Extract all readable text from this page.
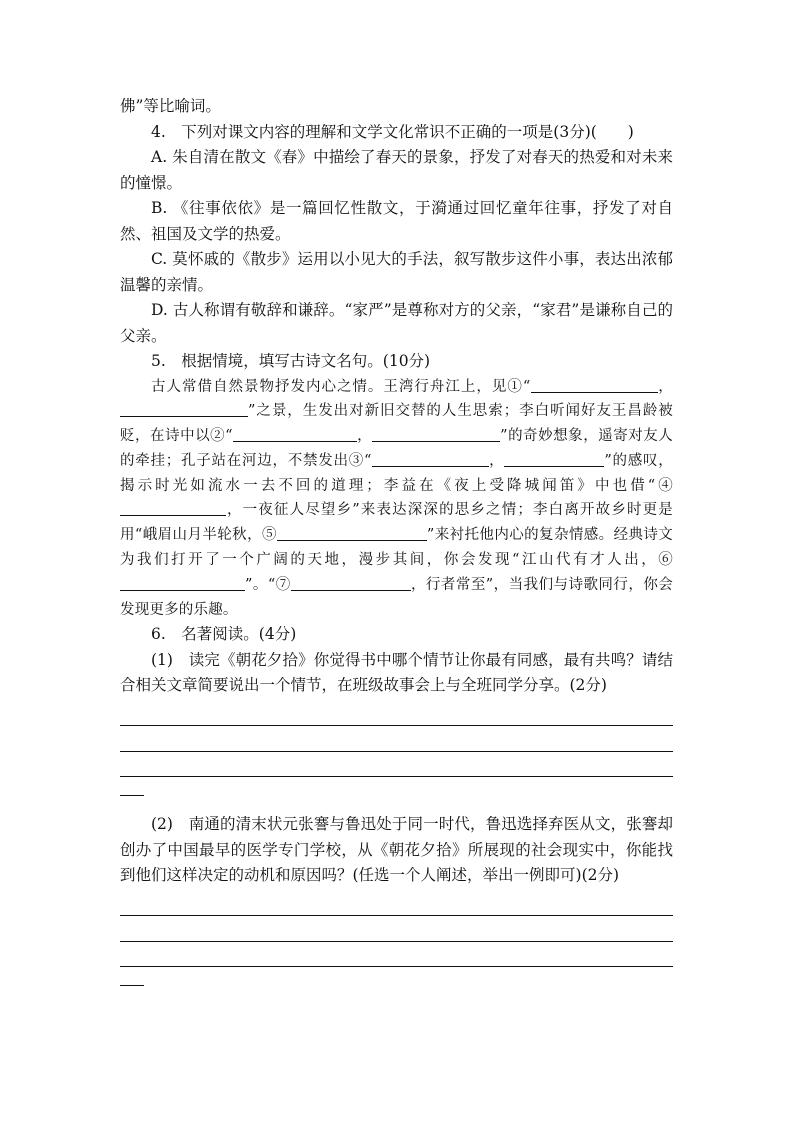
佛”等比喻词。

4.　下列对课文内容的理解和文学文化常识不正确的一项是(3分)(　　)

A. 朱自清在散文《春》中描绘了春天的景象，抒发了对春天的热爱和对未来的憧憬。

B. 《往事依依》是一篇回忆性散文，于漪通过回忆童年往事，抒发了对自然、祖国及文学的热爱。

C. 莫怀戚的《散步》运用以小见大的手法，叙写散步这件小事，表达出浓郁温馨的亲情。

D. 古人称谓有敬辞和谦辞。“家严”是尊称对方的父亲，“家君”是谦称自己的父亲。

5.　根据情境，填写古诗文名句。(10分)

古人常借自然景物抒发内心之情。王湾行舟江上，见①“	，”之景，生发出对新旧交替的人生思索；李白听闻好友王昌龄被贬，在诗中以②“	，	”的奇妙想象，遥寄对友人的牵挂；孔子站在河边，不禁发出③“	，	”的感叹，揭示时光如流水一去不回的道理；李益在《夜上受降城闻笛》中也借“④，一夜征人尽望乡”来表达深深的思乡之情；李白离开故乡时更是用“峨眉山月半轮秋，⑤	”来衬托他内心的复杂情感。经典诗文为我们打开了一个广阔的天地，漫步其间，你会发现“江山代有才人出，⑥”。“⑦	，行者常至”，当我们与诗歌同行，你会发现更多的乐趣。

6.　名著阅读。(4分)

(1)　读完《朝花夕拾》你觉得书中哪个情节让你最有同感，最有共鸣？请结合相关文章简要说出一个情节，在班级故事会上与全班同学分享。(2分)

(2)　南通的清末状元张謇与鲁迅处于同一时代，鲁迅选择弃医从文，张謇却创办了中国最早的医学专门学校，从《朝花夕拾》所展现的社会现实中，你能找到他们这样决定的动机和原因吗？(任选一个人阐述，举出一例即可)(2分)
